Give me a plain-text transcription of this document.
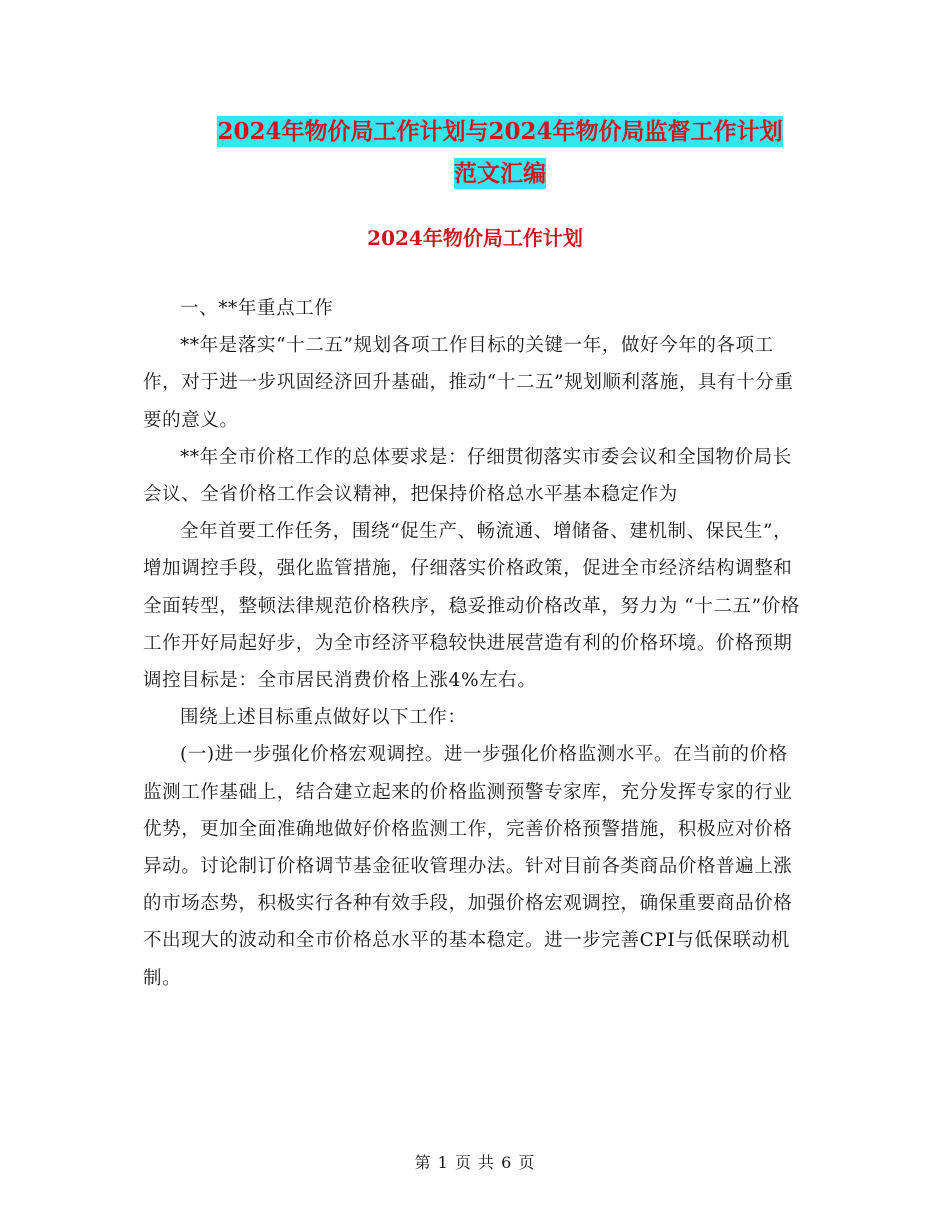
2024年物价局工作计划与2024年物价局监督工作计划
范文汇编
2024年物价局工作计划

一、**年重点工作

**年是落实“十二五”规划各项工作目标的关键一年，做好今年的各项工作，对于进一步巩固经济回升基础，推动“十二五”规划顺利落施，具有十分重要的意义。

**年全市价格工作的总体要求是：仔细贯彻落实市委会议和全国物价局长会议、全省价格工作会议精神，把保持价格总水平基本稳定作为

全年首要工作任务，围绕“促生产、畅流通、增储备、建机制、保民生”，增加调控手段，强化监管措施，仔细落实价格政策，促进全市经济结构调整和全面转型，整顿法律规范价格秩序，稳妥推动价格改革，努力为 “十二五”价格工作开好局起好步，为全市经济平稳较快进展营造有利的价格环境。价格预期调控目标是：全市居民消费价格上涨4%左右。

围绕上述目标重点做好以下工作：

(一)进一步强化价格宏观调控。进一步强化价格监测水平。在当前的价格监测工作基础上，结合建立起来的价格监测预警专家库，充分发挥专家的行业优势，更加全面准确地做好价格监测工作，完善价格预警措施，积极应对价格异动。讨论制订价格调节基金征收管理办法。针对目前各类商品价格普遍上涨的市场态势，积极实行各种有效手段，加强价格宏观调控，确保重要商品价格不出现大的波动和全市价格总水平的基本稳定。进一步完善CPI与低保联动机制。

第 1 页 共 6 页
